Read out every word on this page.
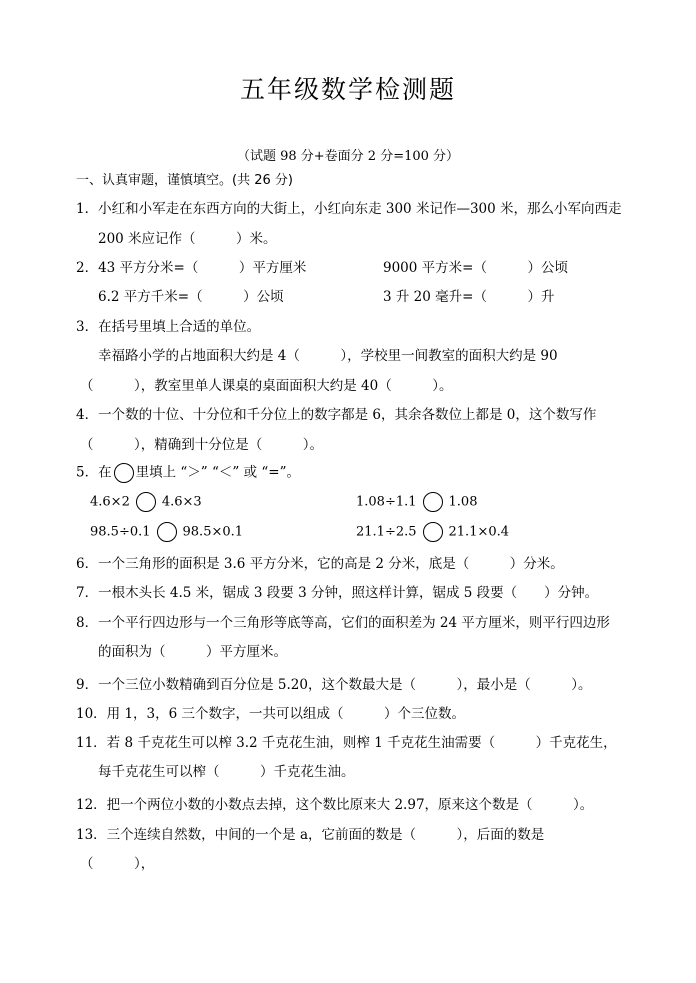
五年级数学检测题
（试题 98 分+卷面分 2 分=100 分）
一、认真审题，谨慎填空。(共 26 分)
1．小红和小军走在东西方向的大街上，小红向东走 300 米记作—300 米，那么小军向西走
200 米应记作（　　　）米。
2．43 平方分米=（　　　）平方厘米	9000 平方米=（　　　）公顷
6.2 平方千米=（　　　）公顷	3 升 20 毫升=（　　　）升
3．在括号里填上合适的单位。
幸福路小学的占地面积大约是 4（　　　），学校里一间教室的面积大约是 90
（　　　），教室里单人课桌的桌面面积大约是 40（　　　）。
4．一个数的十位、十分位和千分位上的数字都是 6，其余各数位上都是 0，这个数写作
（　　　），精确到十分位是（　　　）。
5．在 里填上 “＞” “＜” 或 “=”。
4.6×2 4.6×3	1.08÷1.1 1.08
98.5÷0.1 98.5×0.1	21.1÷2.5 21.1×0.4
6．一个三角形的面积是 3.6 平方分米，它的高是 2 分米，底是（　　　）分米。
7．一根木头长 4.5 米，锯成 3 段要 3 分钟，照这样计算，锯成 5 段要（　　）分钟。
8．一个平行四边形与一个三角形等底等高，它们的面积差为 24 平方厘米，则平行四边形
的面积为（　　　）平方厘米。
9．一个三位小数精确到百分位是 5.20，这个数最大是（　　　），最小是（　　　）。
10．用 1，3，6 三个数字，一共可以组成（　　　）个三位数。
11．若 8 千克花生可以榨 3.2 千克花生油，则榨 1 千克花生油需要（　　　）千克花生，
每千克花生可以榨（　　　）千克花生油。
12．把一个两位小数的小数点去掉，这个数比原来大 2.97，原来这个数是（　　　）。
13．三个连续自然数，中间的一个是 a，它前面的数是（　　　），后面的数是
（　　　），
